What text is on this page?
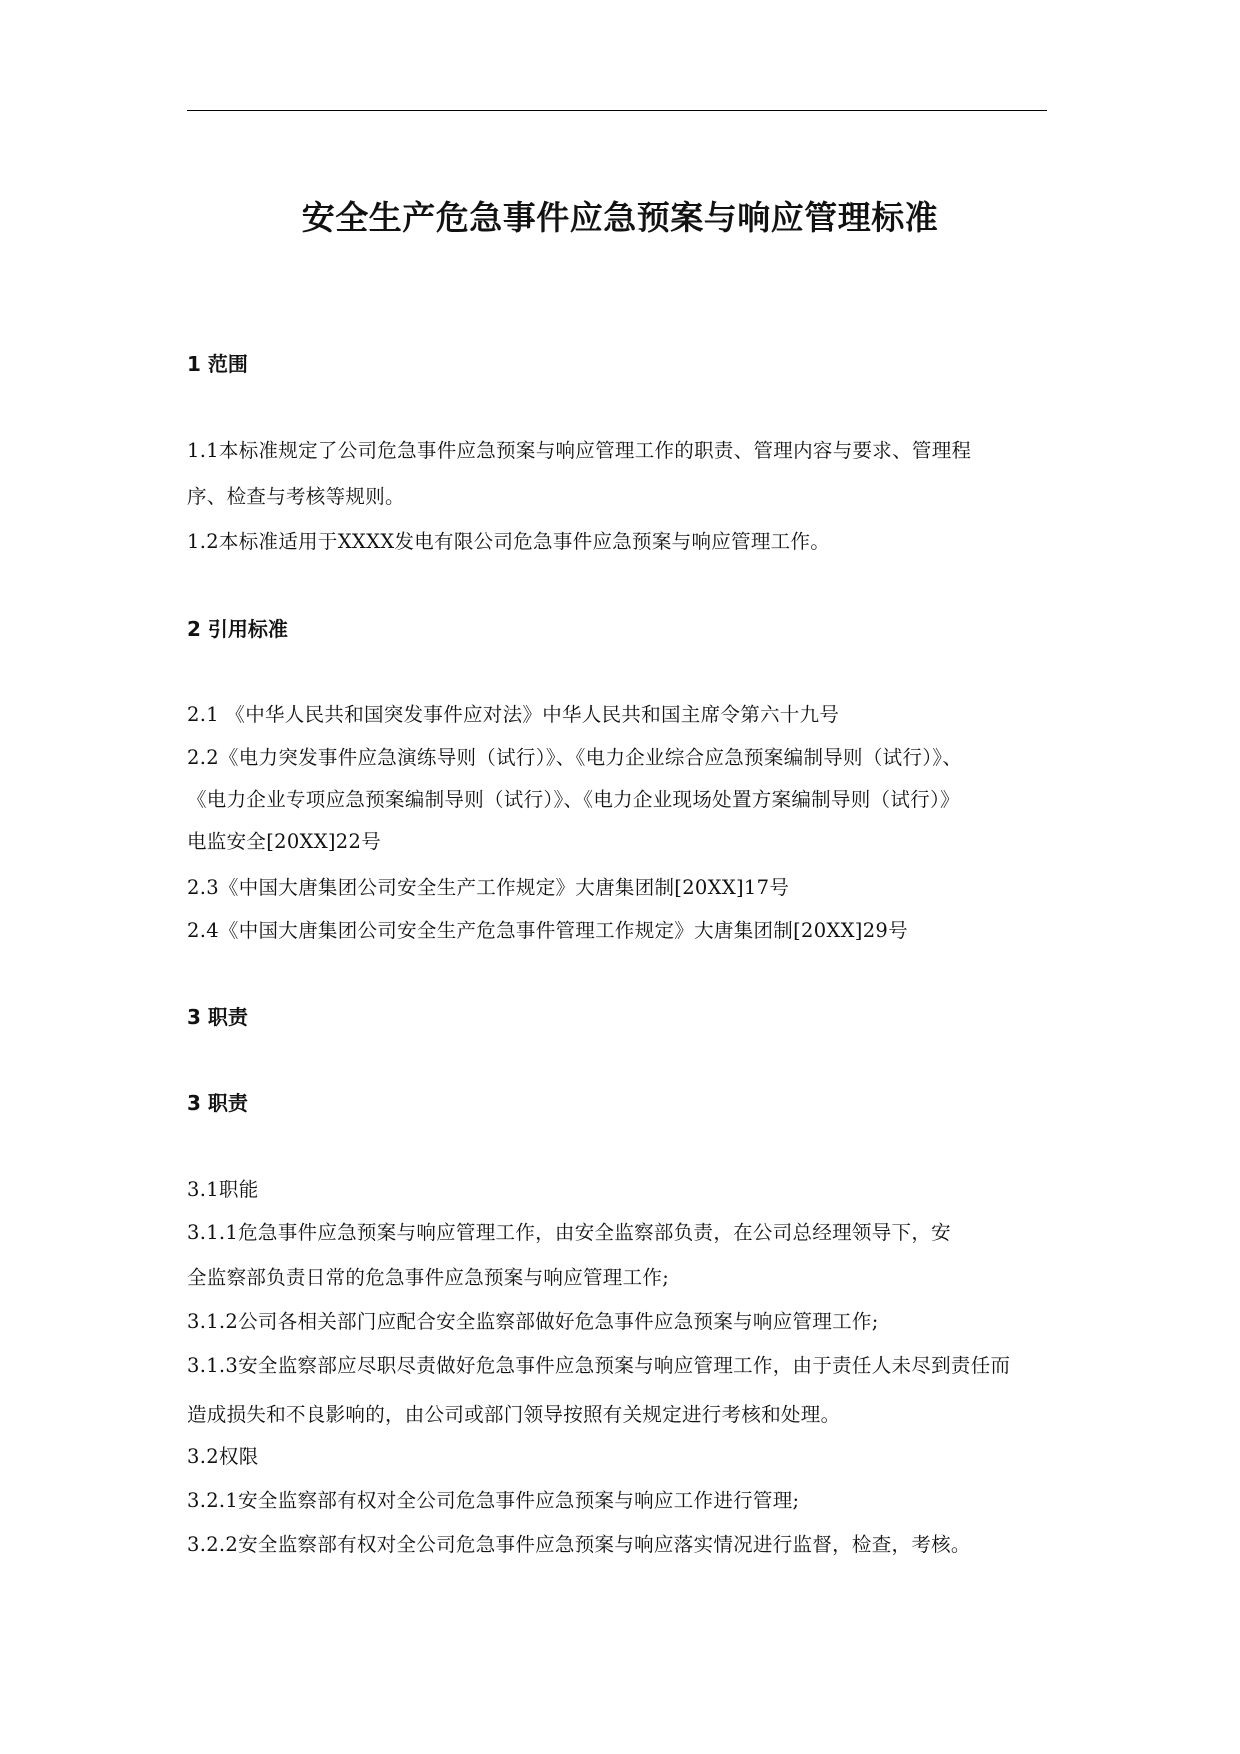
安全生产危急事件应急预案与响应管理标准
1 范围
1.1本标准规定了公司危急事件应急预案与响应管理工作的职责、管理内容与要求、管理程
序、检查与考核等规则。
1.2本标准适用于XXXX发电有限公司危急事件应急预案与响应管理工作。
2 引用标准
2.1 《中华人民共和国突发事件应对法》中华人民共和国主席令第六十九号
2.2《电力突发事件应急演练导则（试行）》、《电力企业综合应急预案编制导则（试行）》、
《电力企业专项应急预案编制导则（试行）》、《电力企业现场处置方案编制导则（试行）》
电监安全[20XX]22号
2.3《中国大唐集团公司安全生产工作规定》大唐集团制[20XX]17号
2.4《中国大唐集团公司安全生产危急事件管理工作规定》大唐集团制[20XX]29号
3 职责
3 职责
3.1职能
3.1.1危急事件应急预案与响应管理工作，由安全监察部负责，在公司总经理领导下，安
全监察部负责日常的危急事件应急预案与响应管理工作;
3.1.2公司各相关部门应配合安全监察部做好危急事件应急预案与响应管理工作;
3.1.3安全监察部应尽职尽责做好危急事件应急预案与响应管理工作，由于责任人未尽到责任而
造成损失和不良影响的，由公司或部门领导按照有关规定进行考核和处理。
3.2权限
3.2.1安全监察部有权对全公司危急事件应急预案与响应工作进行管理;
3.2.2安全监察部有权对全公司危急事件应急预案与响应落实情况进行监督，检查，考核。
